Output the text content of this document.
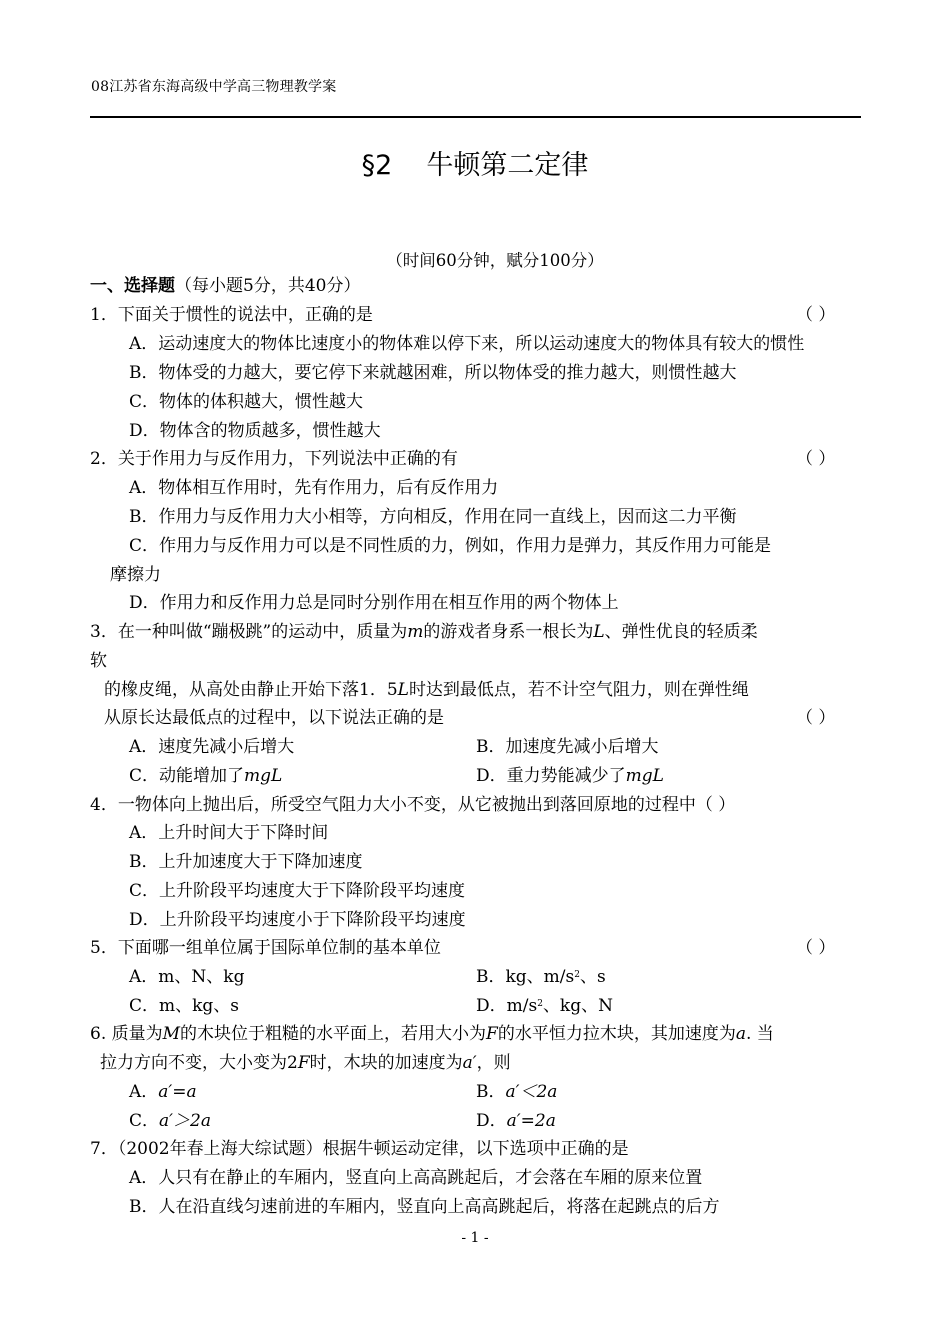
08江苏省东海高级中学高三物理教学案
§2 牛顿第二定律
（时间60分钟，赋分100分）
一、选择题（每小题5分，共40分）
1．下面关于惯性的说法中，正确的是	（ ）
A．运动速度大的物体比速度小的物体难以停下来，所以运动速度大的物体具有较大的惯性
B．物体受的力越大，要它停下来就越困难，所以物体受的推力越大，则惯性越大
C．物体的体积越大，惯性越大
D．物体含的物质越多，惯性越大
2．关于作用力与反作用力，下列说法中正确的有	（ ）
A．物体相互作用时，先有作用力，后有反作用力
B．作用力与反作用力大小相等，方向相反，作用在同一直线上，因而这二力平衡
C．作用力与反作用力可以是不同性质的力，例如，作用力是弹力，其反作用力可能是
摩擦力
D．作用力和反作用力总是同时分别作用在相互作用的两个物体上
3．在一种叫做“蹦极跳”的运动中，质量为m的游戏者身系一根长为L、弹性优良的轻质柔
软
的橡皮绳，从高处由静止开始下落1．5L时达到最低点，若不计空气阻力，则在弹性绳
从原长达最低点的过程中，以下说法正确的是	（ ）
A．速度先减小后增大	B．加速度先减小后增大
C．动能增加了mgL	D．重力势能减少了mgL
4．一物体向上抛出后，所受空气阻力大小不变，从它被抛出到落回原地的过程中（ ）
A．上升时间大于下降时间
B．上升加速度大于下降加速度
C．上升阶段平均速度大于下降阶段平均速度
D．上升阶段平均速度小于下降阶段平均速度
5．下面哪一组单位属于国际单位制的基本单位	（ ）
A．m、N、kg	B．kg、$m/s^2$、s
C．m、kg、s	D．$m/s^2$、kg、N
6. 质量为M的木块位于粗糙的水平面上，若用大小为F的水平恒力拉木块，其加速度为a. 当
拉力方向不变，大小变为2F时，木块的加速度为a′，则
A．a′=a	B．a′＜2a
C．a′＞2a	D．a′=2a
7．（2002年春上海大综试题）根据牛顿运动定律，以下选项中正确的是
A．人只有在静止的车厢内，竖直向上高高跳起后，才会落在车厢的原来位置
B．人在沿直线匀速前进的车厢内，竖直向上高高跳起后，将落在起跳点的后方
- 1 -
